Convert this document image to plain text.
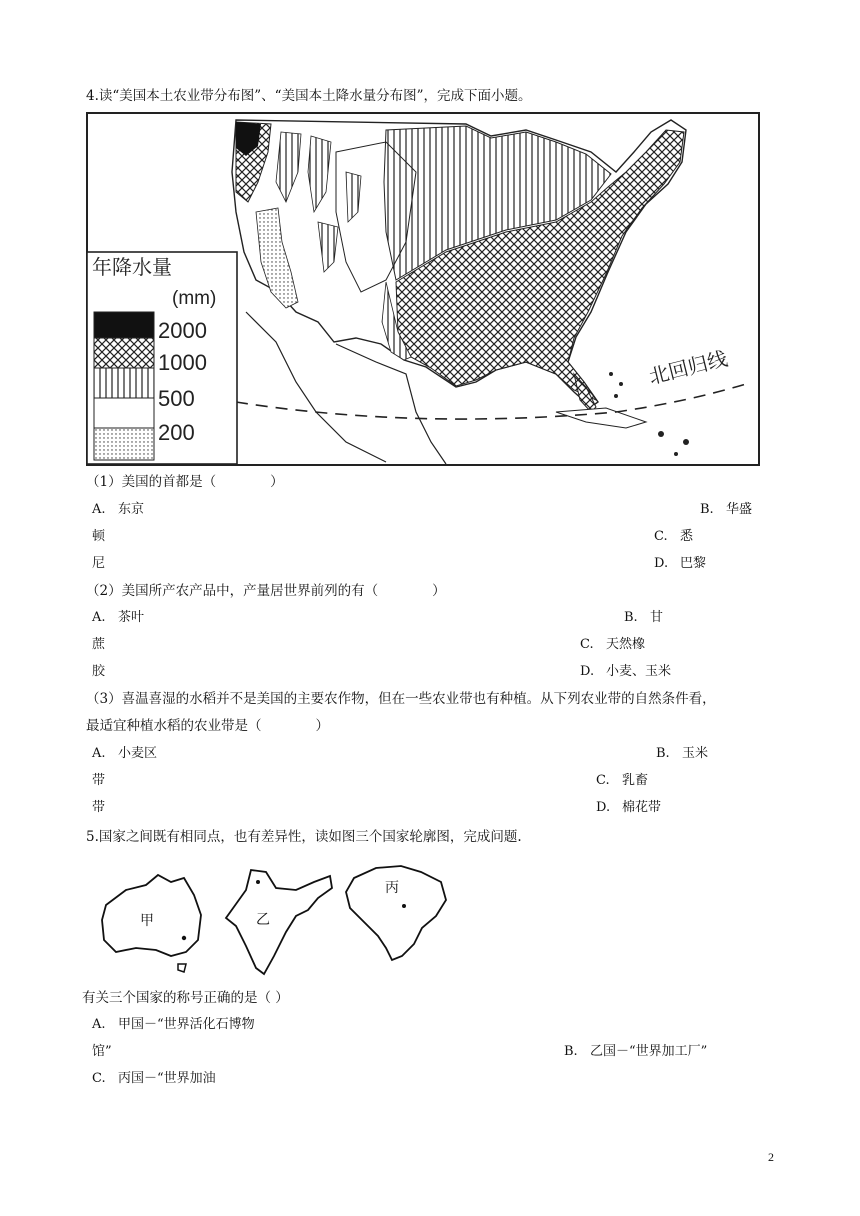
4.读“美国本土农业带分布图”、“美国本土降水量分布图”，完成下面小题。
北回归线
年降水量
(mm)
2000
1000
500
200
（1）美国的首都是（　　　　）
A. 东京	B. 华盛
顿	C. 悉
尼	D. 巴黎
（2）美国所产农产品中，产量居世界前列的有（　　　　）
A. 茶叶	B. 甘
蔗	C. 天然橡
胶	D. 小麦、玉米
（3）喜温喜湿的水稻并不是美国的主要农作物，但在一些农业带也有种植。从下列农业带的自然条件看，
最适宜种植水稻的农业带是（　　　　）
A. 小麦区	B. 玉米
带	C. 乳畜
带	D. 棉花带
5.国家之间既有相同点，也有差异性，读如图三个国家轮廓图，完成问题.
甲	乙
丙
有关三个国家的称号正确的是（ ）
A. 甲国－“世界活化石博物
馆”	B. 乙国－“世界加工厂”
C. 丙国－“世界加油
2
